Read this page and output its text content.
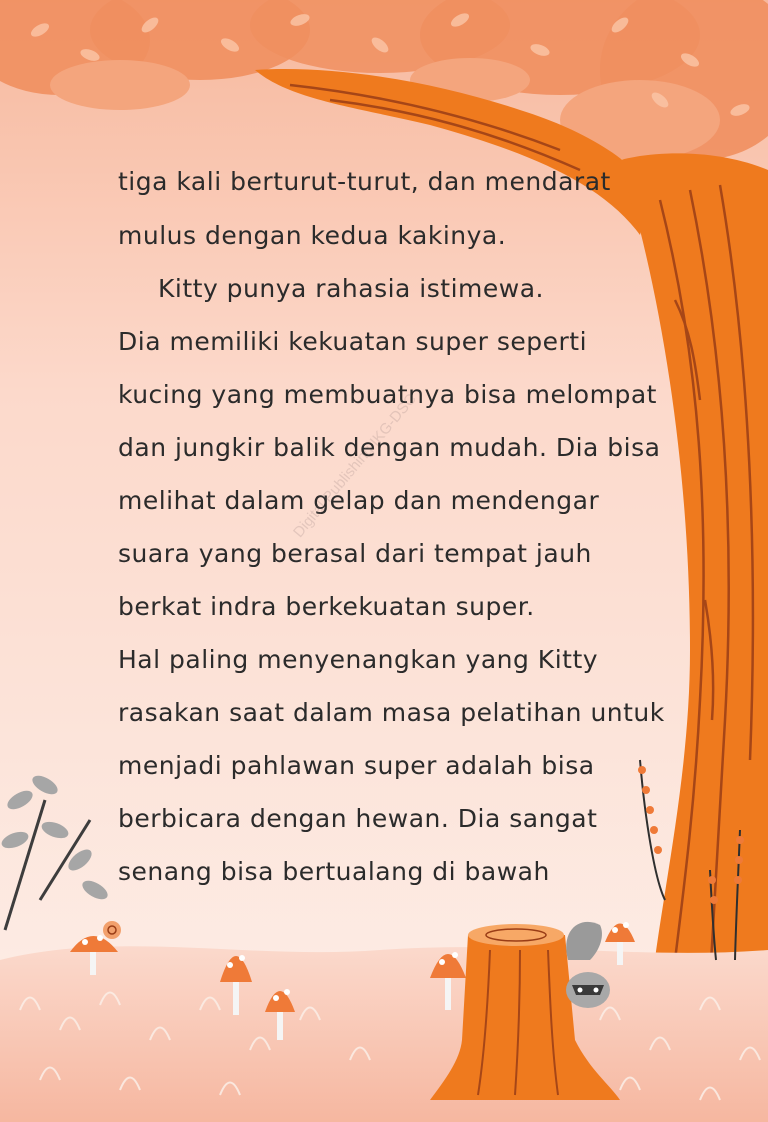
tiga kali berturut-turut, dan mendarat
mulus dengan kedua kakinya.
Kitty punya rahasia istimewa.
Dia memiliki kekuatan super seperti
kucing yang membuatnya bisa melompat
dan jungkir balik dengan mudah. Dia bisa
melihat dalam gelap dan mendengar
suara yang berasal dari tempat jauh
berkat indra berkekuatan super.
Hal paling menyenangkan yang Kitty
rasakan saat dalam masa pelatihan untuk
menjadi pahlawan super adalah bisa
berbicara dengan hewan. Dia sangat
senang bisa bertualang di bawah
Digital Publishing IKG-DSC
